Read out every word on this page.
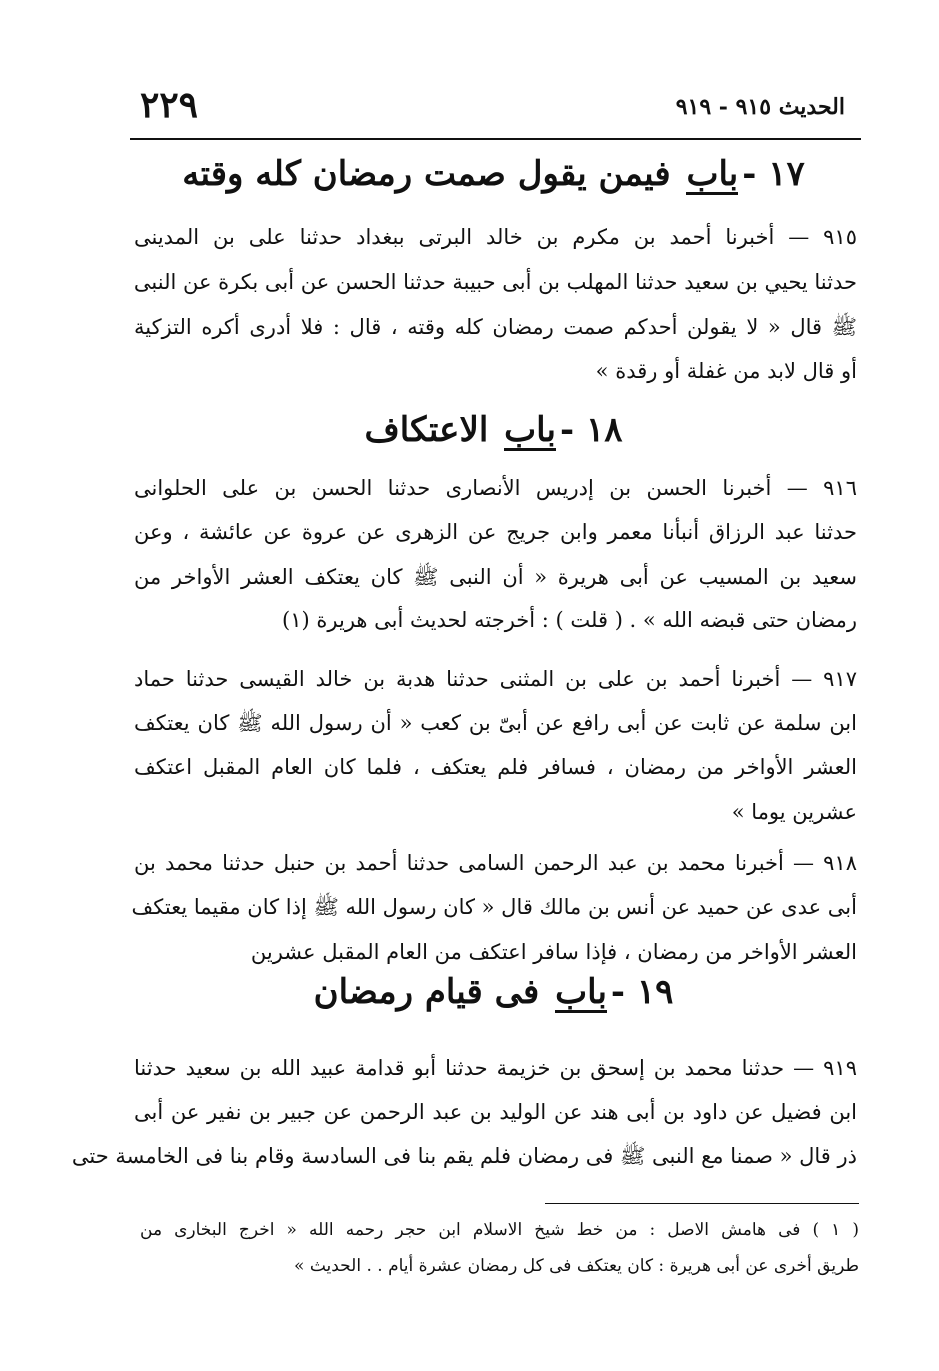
الحديث ٩١٥ - ٩١٩
٢٢٩
١٧ -باب فيمن يقول صمت رمضان كله وقته
٩١٥ — أخبرنا أحمد بن مكرم بن خالد البرتى ببغداد حدثنا على بن المدينى
حدثنا يحيي بن سعيد حدثنا المهلب بن أبى حبيبة حدثنا الحسن عن أبى بكرة عن النبى
ﷺ قال « لا يقولن أحدكم صمت رمضان كله وقته ، قال : فلا أدرى أكره التزكية
أو قال لابد من غفلة أو رقدة »
١٨ -باب الاعتكاف
٩١٦ — أخبرنا الحسن بن إدريس الأنصارى حدثنا الحسن بن على الحلوانى
حدثنا عبد الرزاق أنبأنا معمر وابن جريج عن الزهرى عن عروة عن عائشة ، وعن
سعيد بن المسيب عن أبى هريرة « أن النبى ﷺ كان يعتكف العشر الأواخر من
رمضان حتى قبضه الله » . ( قلت ) : أخرجته لحديث أبى هريرة (١)
٩١٧ — أخبرنا أحمد بن على بن المثنى حدثنا هدبة بن خالد القيسى حدثنا حماد
ابن سلمة عن ثابت عن أبى رافع عن أبىّ بن كعب « أن رسول الله ﷺ كان يعتكف
العشر الأواخر من رمضان ، فسافر فلم يعتكف ، فلما كان العام المقبل اعتكف
عشرين يوما »
٩١٨ — أخبرنا محمد بن عبد الرحمن السامى حدثنا أحمد بن حنبل حدثنا محمد بن
أبى عدى عن حميد عن أنس بن مالك قال « كان رسول الله ﷺ إذا كان مقيما يعتكف
العشر الأواخر من رمضان ، فإذا سافر اعتكف من العام المقبل عشرين
١٩ -باب فى قيام رمضان
٩١٩ — حدثنا محمد بن إسحق بن خزيمة حدثنا أبو قدامة عبيد الله بن سعيد حدثنا
ابن فضيل عن داود بن أبى هند عن الوليد بن عبد الرحمن عن جبير بن نفير عن أبى
ذر قال « صمنا مع النبى ﷺ فى رمضان فلم يقم بنا فى السادسة وقام بنا فى الخامسة حتى
( ١ ) فى هامش الاصل : من خط شيخ الاسلام ابن حجر رحمه الله « اخرج البخارى من
طريق أخرى عن أبى هريرة : كان يعتكف فى كل رمضان عشرة أيام . . الحديث »
